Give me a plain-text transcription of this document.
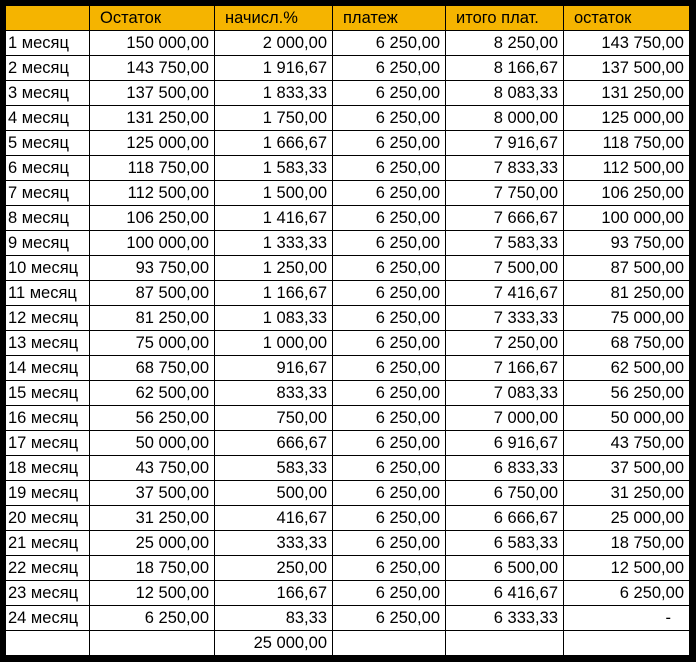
	Остаток	начисл.%	платеж	итого плат.	остаток
1 месяц	150 000,00	2 000,00	6 250,00	8 250,00	143 750,00
2 месяц	143 750,00	1 916,67	6 250,00	8 166,67	137 500,00
3 месяц	137 500,00	1 833,33	6 250,00	8 083,33	131 250,00
4 месяц	131 250,00	1 750,00	6 250,00	8 000,00	125 000,00
5 месяц	125 000,00	1 666,67	6 250,00	7 916,67	118 750,00
6 месяц	118 750,00	1 583,33	6 250,00	7 833,33	112 500,00
7 месяц	112 500,00	1 500,00	6 250,00	7 750,00	106 250,00
8 месяц	106 250,00	1 416,67	6 250,00	7 666,67	100 000,00
9 месяц	100 000,00	1 333,33	6 250,00	7 583,33	93 750,00
10 месяц	93 750,00	1 250,00	6 250,00	7 500,00	87 500,00
11 месяц	87 500,00	1 166,67	6 250,00	7 416,67	81 250,00
12 месяц	81 250,00	1 083,33	6 250,00	7 333,33	75 000,00
13 месяц	75 000,00	1 000,00	6 250,00	7 250,00	68 750,00
14 месяц	68 750,00	916,67	6 250,00	7 166,67	62 500,00
15 месяц	62 500,00	833,33	6 250,00	7 083,33	56 250,00
16 месяц	56 250,00	750,00	6 250,00	7 000,00	50 000,00
17 месяц	50 000,00	666,67	6 250,00	6 916,67	43 750,00
18 месяц	43 750,00	583,33	6 250,00	6 833,33	37 500,00
19 месяц	37 500,00	500,00	6 250,00	6 750,00	31 250,00
20 месяц	31 250,00	416,67	6 250,00	6 666,67	25 000,00
21 месяц	25 000,00	333,33	6 250,00	6 583,33	18 750,00
22 месяц	18 750,00	250,00	6 250,00	6 500,00	12 500,00
23 месяц	12 500,00	166,67	6 250,00	6 416,67	6 250,00
24 месяц	6 250,00	83,33	6 250,00	6 333,33	-
		25 000,00			
